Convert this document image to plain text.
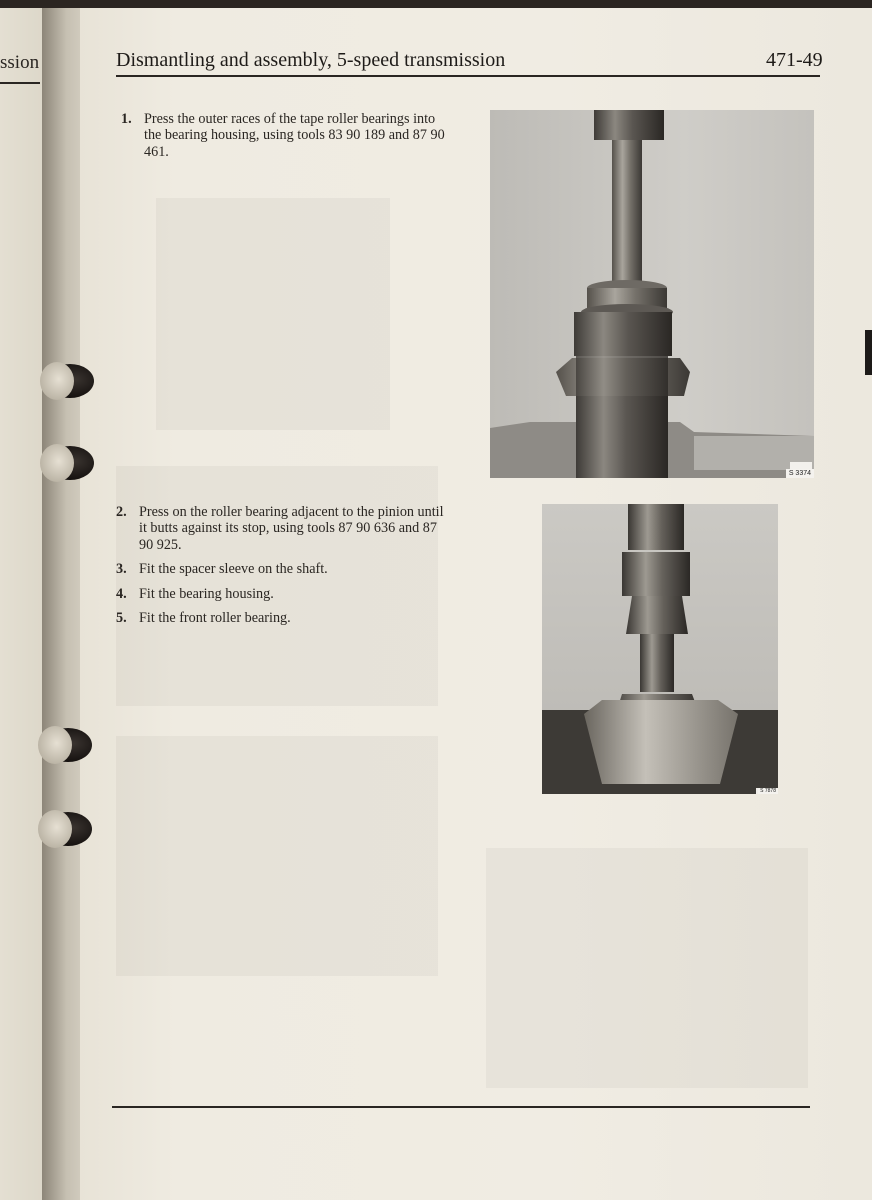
ssion	Dismantling and assembly, 5-speed transmission	471-49
1. Press the outer races of the tape roller bearings into the bearing housing, using tools 83 90 189 and 87 90 461.
2. Press on the roller bearing adjacent to the pinion until it butts against its stop, using tools 87 90 636 and 87 90 925.
3. Fit the spacer sleeve on the shaft.
4. Fit the bearing housing.
5. Fit the front roller bearing.
S 3374
S 7878
